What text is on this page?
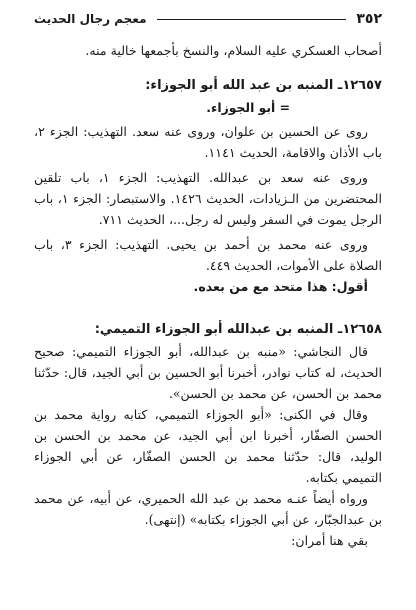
٣٥٢
معجم رجال الحديث

أصحاب العسكري عليه السلام، والنسخ بأجمعها خالية منه.

١٢٦٥٧ـ المنبه بن عبد الله أبو الجوزاء:
= أبو الجوزاء.

روى عن الحسين بن علوان، وروى عنه سعد. التهذيب: الجزء ٢، باب الأذان والاقامة، الحديث ١١٤١.

وروى عنه سعد بن عبدالله. التهذيب: الجزء ١، باب تلقين المحتضرين من الـزيادات، الحديث ١٤٢٦. والاستبصار: الجزء ١، باب الرجل يموت في السفر وليس له رجل...، الحديث ٧١١.

وروى عنه محمد بن أحمد بن يحيى. التهذيب: الجزء ٣، باب الصلاة على الأموات، الحديث ٤٤٩.

أقول: هذا متحد مع من بعده.

١٢٦٥٨ـ المنبه بن عبدالله أبو الجوزاء التميمي:

قال النجاشي: «منبه بن عبدالله، أبو الجوزاء التميمي: صحيح الحديث، له كتاب نوادر، أخبرنا أبو الحسين بن أبي الجيد، قال: حدّثنا محمد بن الحسن، عن محمد بن الحسن».

وقال في الكنى: «أبو الجوزاء التميمي، كتابه رواية محمد بن الحسن الصفّار، أخبرنا ابن أبي الجيد، عن محمد بن الحسن بن الوليد، قال: حدّثنا محمد بن الحسن الصفّار، عن أبي الجوزاء التميمي بكتابه.

ورواه أيضاً عنـه محمد بن عبد الله الحميري، عن أبيه، عن محمد بن عبدالجبّار، عن أبي الجوزاء بكتابه» (إنتهى).

بقي هنا أمران:
